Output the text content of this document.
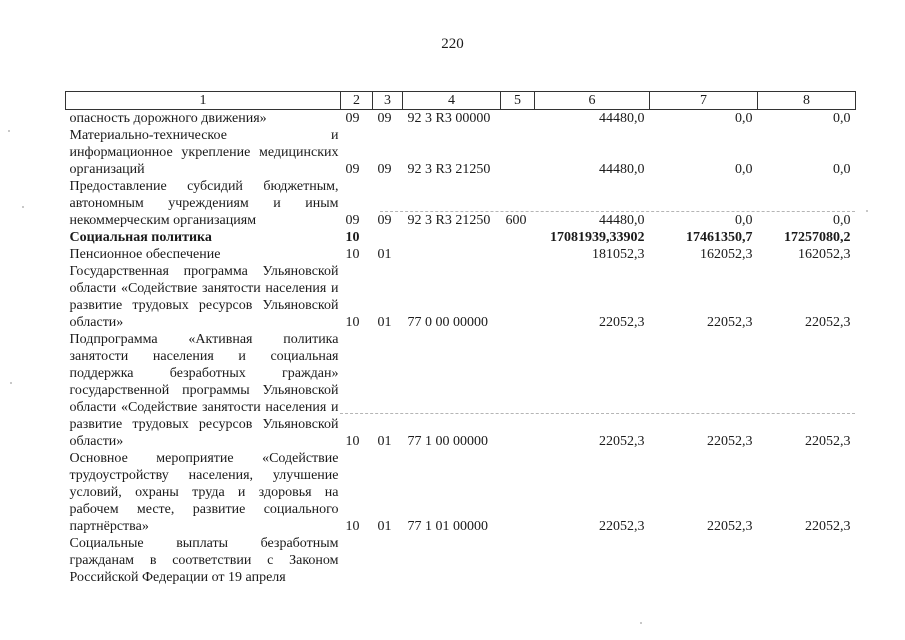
220
1	2	3	4	5	6	7	8
опасность дорожного движения»	09	09	92 3 R3 00000		44480,0	0,0	0,0
Материально-техническое и информационное укрепление медицинских организаций	09	09	92 3 R3 21250		44480,0	0,0	0,0
Предоставление субсидий бюджетным, автономным учреждениям и иным некоммерческим организациям	09	09	92 3 R3 21250	600	44480,0	0,0	0,0
Социальная политика	10				17081939,33902	17461350,7	17257080,2
Пенсионное обеспечение	10	01			181052,3	162052,3	162052,3
Государственная программа Ульяновской области «Содействие занятости населения и развитие трудовых ресурсов Ульяновской области»	10	01	77 0 00 00000		22052,3	22052,3	22052,3
Подпрограмма «Активная политика занятости населения и социальная поддержка безработных граждан» государственной программы Ульяновской области «Содействие занятости населения и развитие трудовых ресурсов Ульяновской области»	10	01	77 1 00 00000		22052,3	22052,3	22052,3
Основное мероприятие «Содействие трудоустройству населения, улучшение условий, охраны труда и здоровья на рабочем месте, развитие социального партнёрства»	10	01	77 1 01 00000		22052,3	22052,3	22052,3
Социальные выплаты безработным гражданам в соответствии с Законом Российской Федерации от 19 апреля							
